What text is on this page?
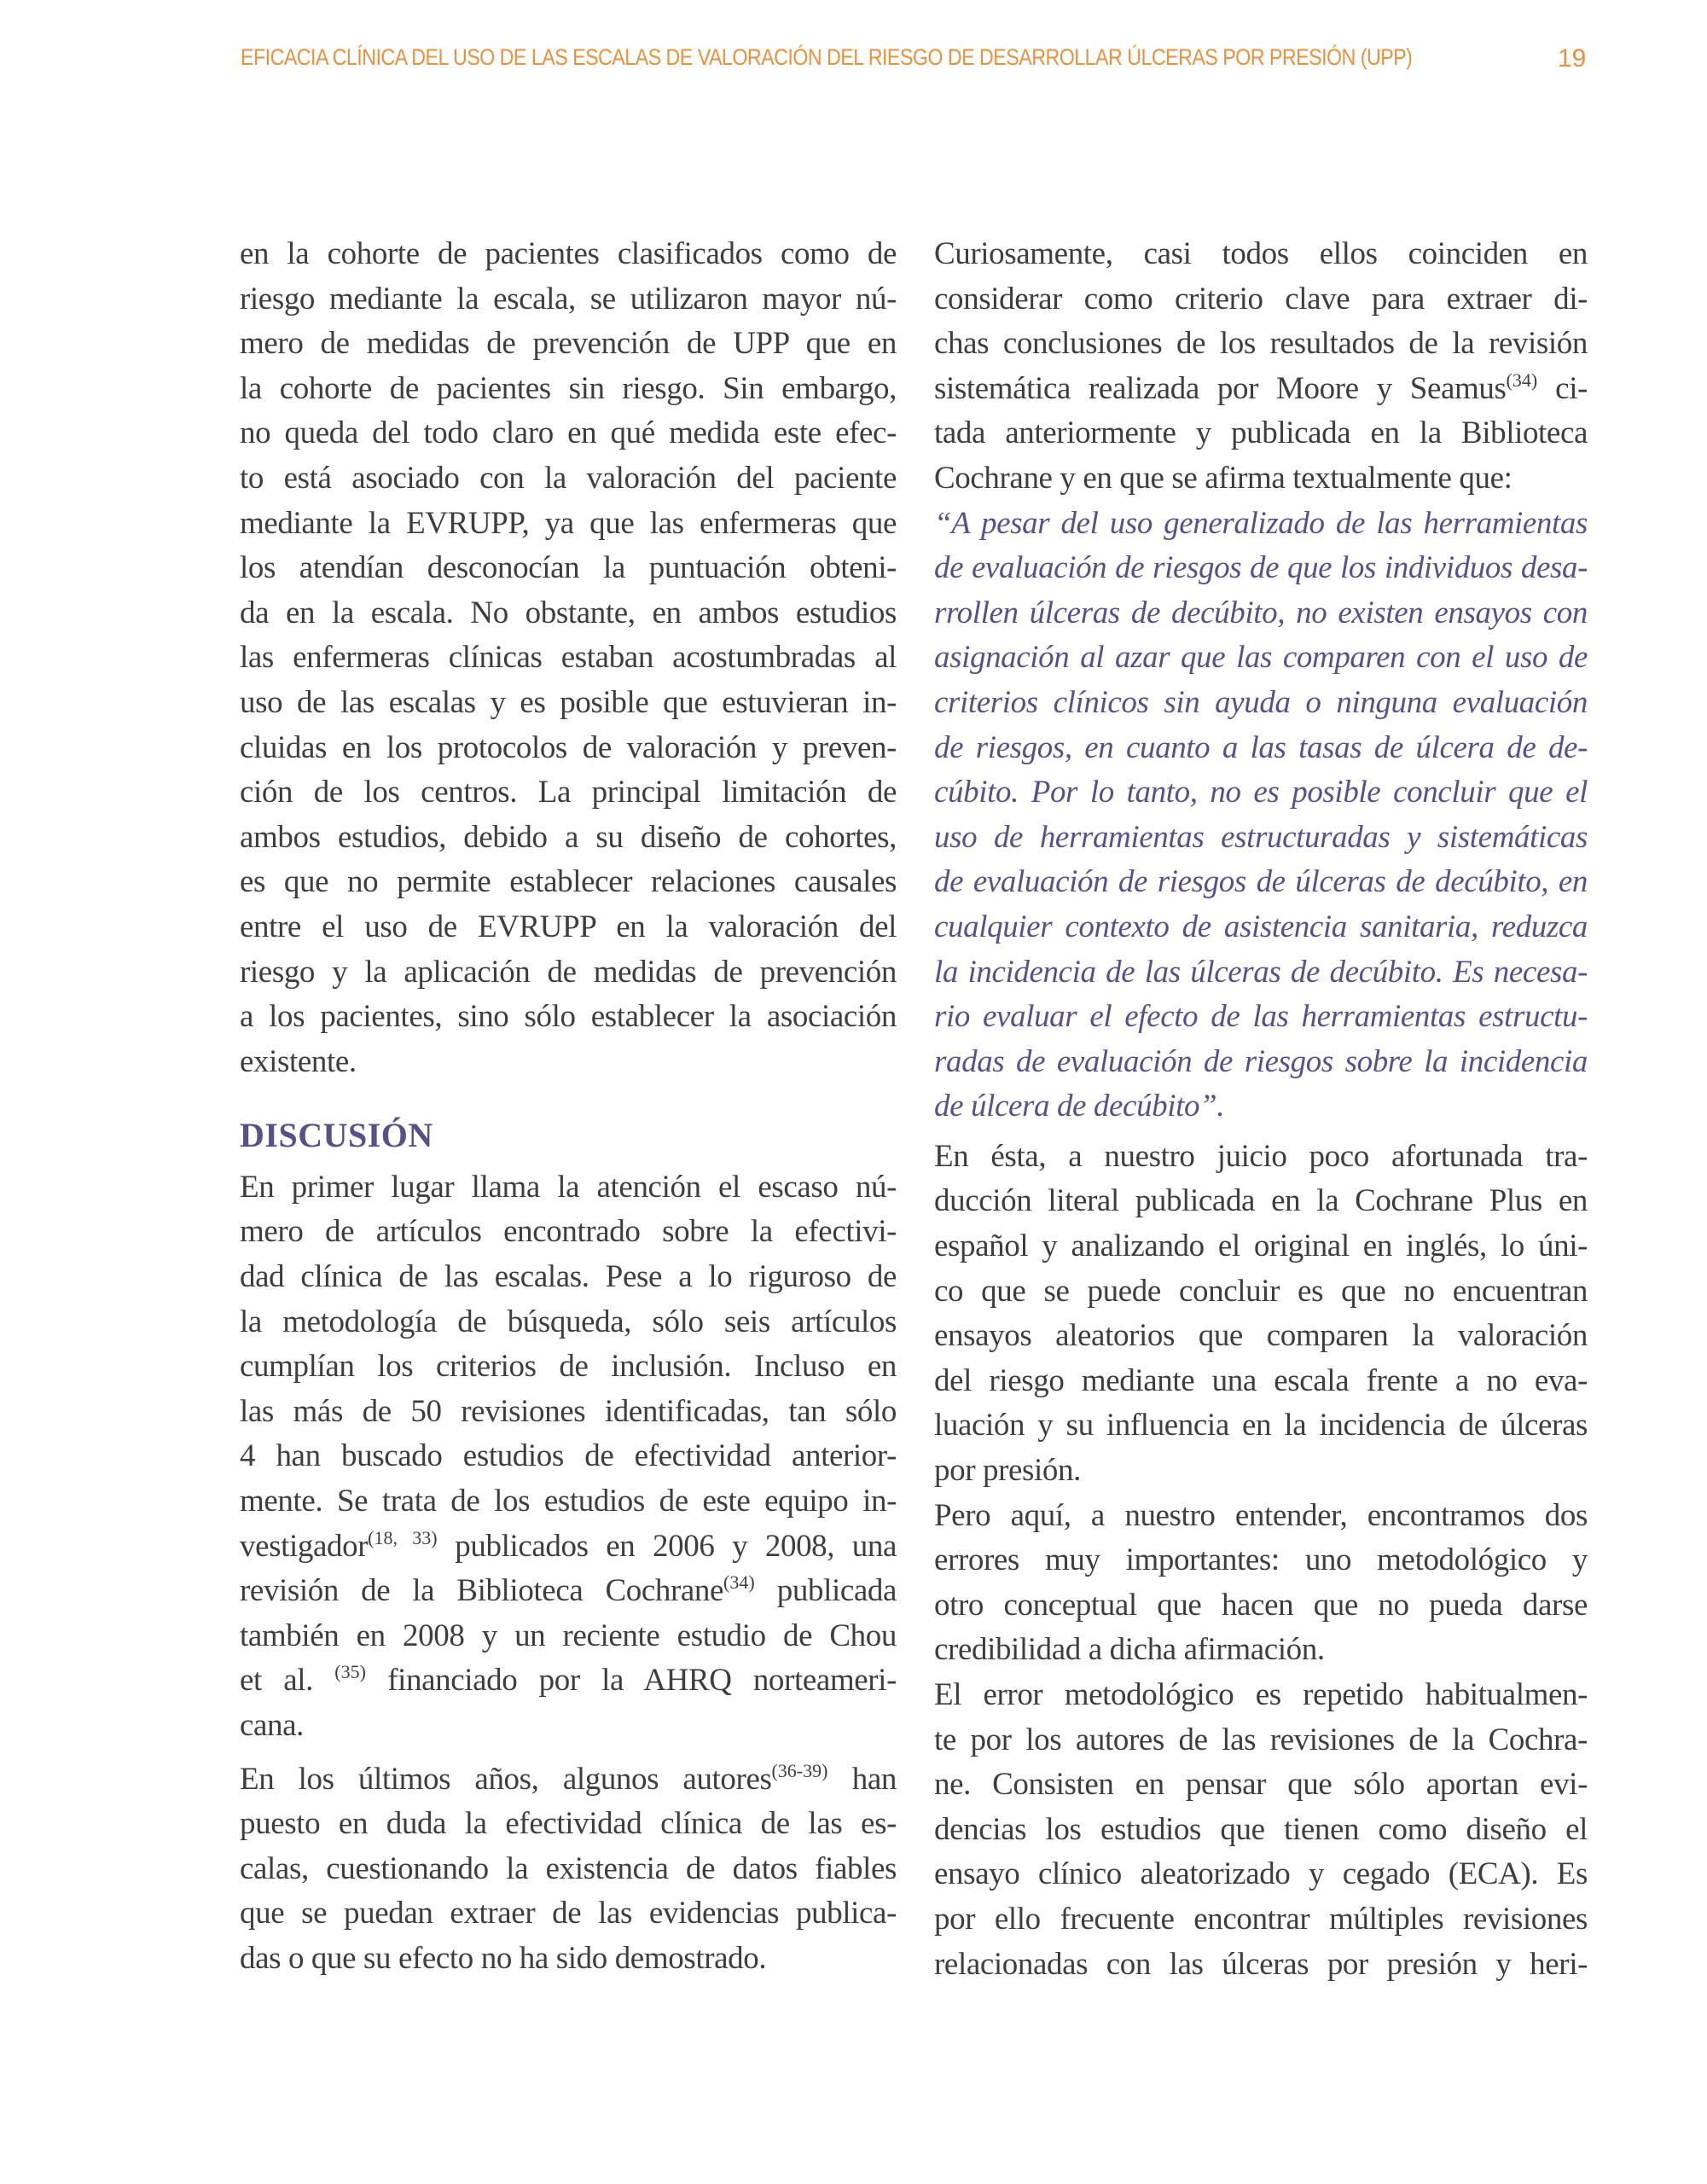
EFICACIA CLÍNICA DEL USO DE LAS ESCALAS DE VALORACIÓN DEL RIESGO DE DESARROLLAR ÚLCERAS POR PRESIÓN (UPP)	19
en la cohorte de pacientes clasificados como de
riesgo mediante la escala, se utilizaron mayor nú-
mero de medidas de prevención de UPP que en
la cohorte de pacientes sin riesgo. Sin embargo,
no queda del todo claro en qué medida este efec-
to está asociado con la valoración del paciente
mediante la EVRUPP, ya que las enfermeras que
los atendían desconocían la puntuación obteni-
da en la escala. No obstante, en ambos estudios
las enfermeras clínicas estaban acostumbradas al
uso de las escalas y es posible que estuvieran in-
cluidas en los protocolos de valoración y preven-
ción de los centros. La principal limitación de
ambos estudios, debido a su diseño de cohortes,
es que no permite establecer relaciones causales
entre el uso de EVRUPP en la valoración del
riesgo y la aplicación de medidas de prevención
a los pacientes, sino sólo establecer la asociación
existente.
DISCUSIÓN
En primer lugar llama la atención el escaso nú-
mero de artículos encontrado sobre la efectivi-
dad clínica de las escalas. Pese a lo riguroso de
la metodología de búsqueda, sólo seis artículos
cumplían los criterios de inclusión. Incluso en
las más de 50 revisiones identificadas, tan sólo
4 han buscado estudios de efectividad anterior-
mente. Se trata de los estudios de este equipo in-
vestigador$^{(18, 33)}$ publicados en 2006 y 2008, una
revisión de la Biblioteca Cochrane$^{(34)}$ publicada
también en 2008 y un reciente estudio de Chou
et al. $^{(35)}$ financiado por la AHRQ norteameri-
cana.
En los últimos años, algunos autores$^{(36-39)}$ han
puesto en duda la efectividad clínica de las es-
calas, cuestionando la existencia de datos fiables
que se puedan extraer de las evidencias publica-
das o que su efecto no ha sido demostrado.
Curiosamente, casi todos ellos coinciden en
considerar como criterio clave para extraer di-
chas conclusiones de los resultados de la revisión
sistemática realizada por Moore y Seamus$^{(34)}$ ci-
tada anteriormente y publicada en la Biblioteca
Cochrane y en que se afirma textualmente que:
“A pesar del uso generalizado de las herramientas
de evaluación de riesgos de que los individuos desa-
rrollen úlceras de decúbito, no existen ensayos con
asignación al azar que las comparen con el uso de
criterios clínicos sin ayuda o ninguna evaluación
de riesgos, en cuanto a las tasas de úlcera de de-
cúbito. Por lo tanto, no es posible concluir que el
uso de herramientas estructuradas y sistemáticas
de evaluación de riesgos de úlceras de decúbito, en
cualquier contexto de asistencia sanitaria, reduzca
la incidencia de las úlceras de decúbito. Es necesa-
rio evaluar el efecto de las herramientas estructu-
radas de evaluación de riesgos sobre la incidencia
de úlcera de decúbito”.
En ésta, a nuestro juicio poco afortunada tra-
ducción literal publicada en la Cochrane Plus en
español y analizando el original en inglés, lo úni-
co que se puede concluir es que no encuentran
ensayos aleatorios que comparen la valoración
del riesgo mediante una escala frente a no eva-
luación y su influencia en la incidencia de úlceras
por presión.
Pero aquí, a nuestro entender, encontramos dos
errores muy importantes: uno metodológico y
otro conceptual que hacen que no pueda darse
credibilidad a dicha afirmación.
El error metodológico es repetido habitualmen-
te por los autores de las revisiones de la Cochra-
ne. Consisten en pensar que sólo aportan evi-
dencias los estudios que tienen como diseño el
ensayo clínico aleatorizado y cegado (ECA). Es
por ello frecuente encontrar múltiples revisiones
relacionadas con las úlceras por presión y heri-
